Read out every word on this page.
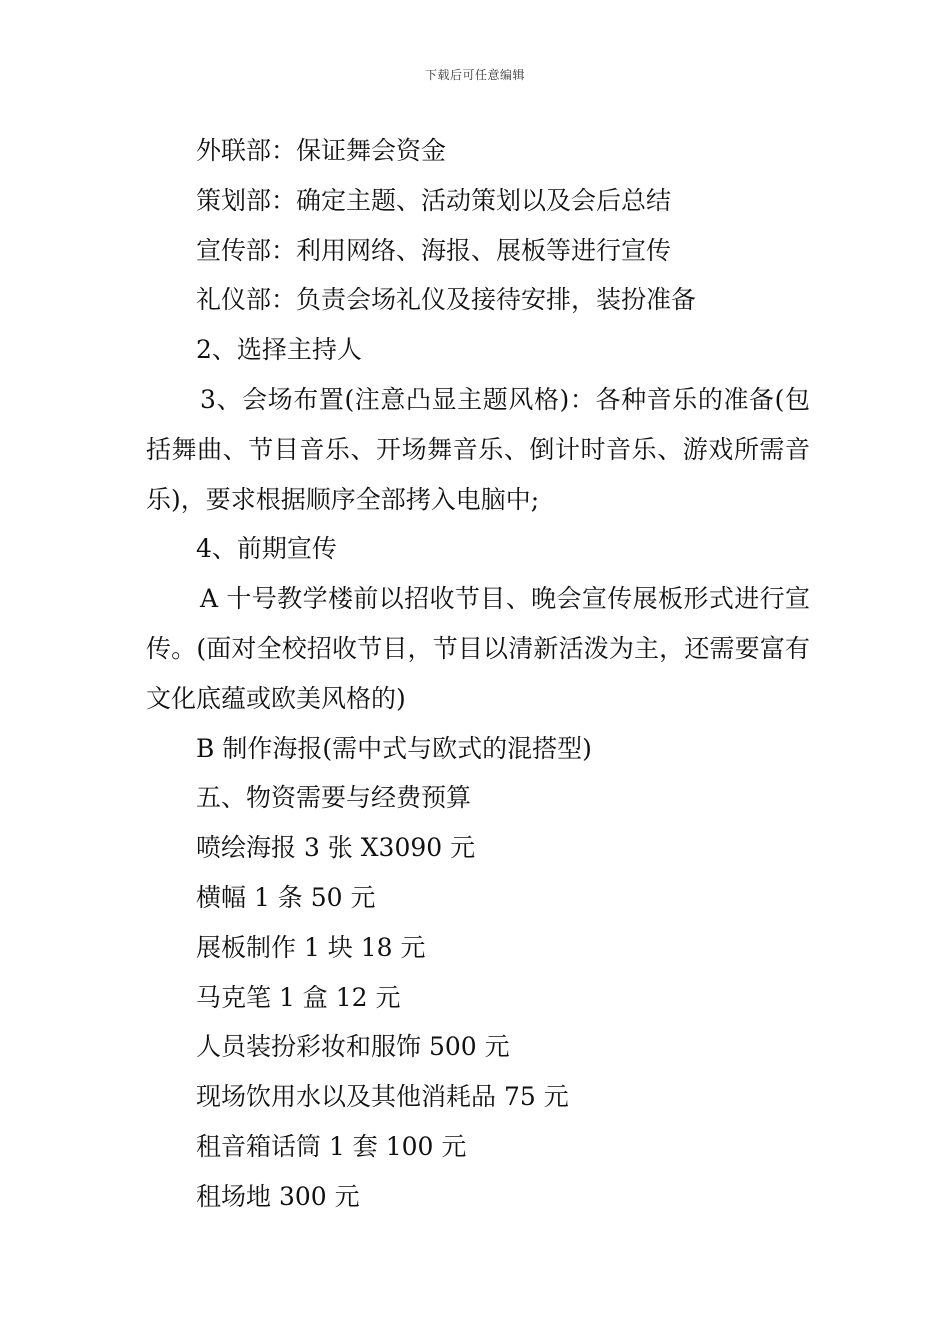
下载后可任意编辑

外联部：保证舞会资金

策划部：确定主题、活动策划以及会后总结

宣传部：利用网络、海报、展板等进行宣传

礼仪部：负责会场礼仪及接待安排，装扮准备

2、选择主持人

3、会场布置(注意凸显主题风格)：各种音乐的准备(包括舞曲、节目音乐、开场舞音乐、倒计时音乐、游戏所需音乐)，要求根据顺序全部拷入电脑中;

4、前期宣传

A 十号教学楼前以招收节目、晚会宣传展板形式进行宣传。(面对全校招收节目，节目以清新活泼为主，还需要富有文化底蕴或欧美风格的)

B 制作海报(需中式与欧式的混搭型)

五、物资需要与经费预算

喷绘海报 3 张 X3090 元

横幅 1 条 50 元

展板制作 1 块 18 元

马克笔 1 盒 12 元

人员装扮彩妆和服饰 500 元

现场饮用水以及其他消耗品 75 元

租音箱话筒 1 套 100 元

租场地 300 元
